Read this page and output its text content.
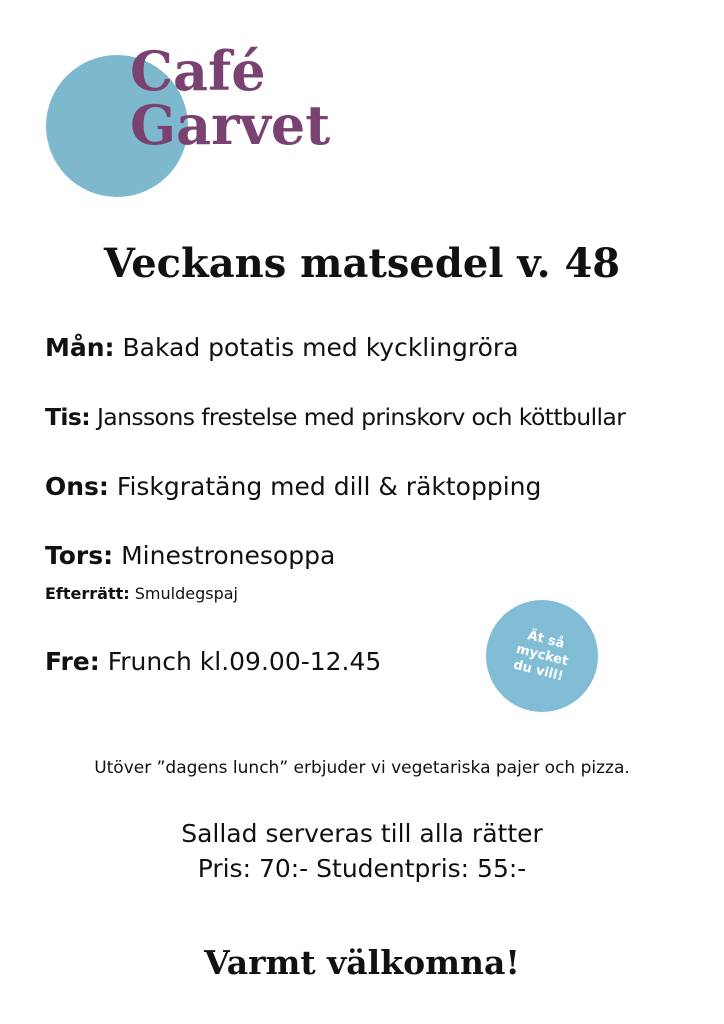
Café
Garvet
Veckans matsedel v. 48
Mån: Bakad potatis med kycklingröra
Tis: Janssons frestelse med prinskorv och köttbullar
Ons: Fiskgratäng med dill & räktopping
Tors: Minestronesoppa
Efterrätt: Smuldegspaj
Fre: Frunch kl.09.00-12.45
Ät så mycket du vill!
Utöver ”dagens lunch” erbjuder vi vegetariska pajer och pizza.
Sallad serveras till alla rätter
Pris: 70:- Studentpris: 55:-
Varmt välkomna!
